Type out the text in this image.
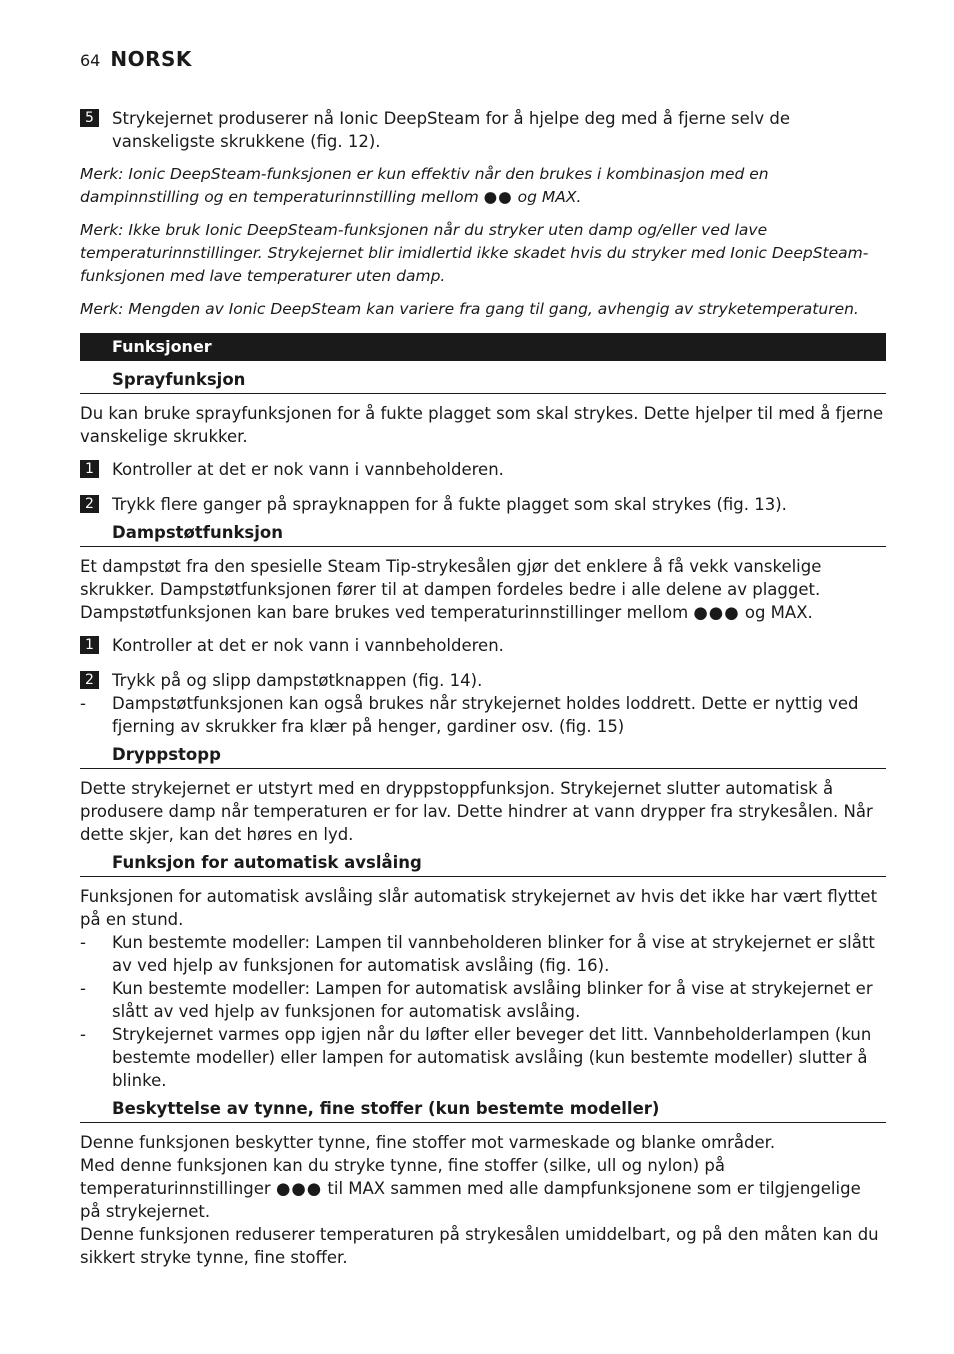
64 NORSK
5	Strykejernet produserer nå Ionic DeepSteam for å hjelpe deg med å fjerne selv de vanskeligste skrukkene (fig. 12).

Merk: Ionic DeepSteam-funksjonen er kun effektiv når den brukes i kombinasjon med en dampinnstilling og en temperaturinnstilling mellom ●● og MAX.

Merk: Ikke bruk Ionic DeepSteam-funksjonen når du stryker uten damp og/eller ved lave temperaturinnstillinger. Strykejernet blir imidlertid ikke skadet hvis du stryker med Ionic DeepSteam-funksjonen med lave temperaturer uten damp.

Merk: Mengden av Ionic DeepSteam kan variere fra gang til gang, avhengig av stryketemperaturen.

Funksjoner
Sprayfunksjon

Du kan bruke sprayfunksjonen for å fukte plagget som skal strykes. Dette hjelper til med å fjerne vanskelige skrukker.

1	Kontroller at det er nok vann i vannbeholderen.
2	Trykk flere ganger på sprayknappen for å fukte plagget som skal strykes (fig. 13).
Dampstøtfunksjon

Et dampstøt fra den spesielle Steam Tip-strykesålen gjør det enklere å få vekk vanskelige skrukker. Dampstøtfunksjonen fører til at dampen fordeles bedre i alle delene av plagget. Dampstøtfunksjonen kan bare brukes ved temperaturinnstillinger mellom ●●● og MAX.

1	Kontroller at det er nok vann i vannbeholderen.
2	Trykk på og slipp dampstøtknappen (fig. 14).
-	Dampstøtfunksjonen kan også brukes når strykejernet holdes loddrett. Dette er nyttig ved fjerning av skrukker fra klær på henger, gardiner osv. (fig. 15)
Dryppstopp

Dette strykejernet er utstyrt med en dryppstoppfunksjon. Strykejernet slutter automatisk å produsere damp når temperaturen er for lav. Dette hindrer at vann drypper fra strykesålen. Når dette skjer, kan det høres en lyd.

Funksjon for automatisk avslåing

Funksjonen for automatisk avslåing slår automatisk strykejernet av hvis det ikke har vært flyttet på en stund.

-	Kun bestemte modeller: Lampen til vannbeholderen blinker for å vise at strykejernet er slått av ved hjelp av funksjonen for automatisk avslåing (fig. 16).
-	Kun bestemte modeller: Lampen for automatisk avslåing blinker for å vise at strykejernet er slått av ved hjelp av funksjonen for automatisk avslåing.
-	Strykejernet varmes opp igjen når du løfter eller beveger det litt. Vannbeholderlampen (kun bestemte modeller) eller lampen for automatisk avslåing (kun bestemte modeller) slutter å blinke.
Beskyttelse av tynne, fine stoffer (kun bestemte modeller)

Denne funksjonen beskytter tynne, fine stoffer mot varmeskade og blanke områder.

Med denne funksjonen kan du stryke tynne, fine stoffer (silke, ull og nylon) på temperaturinnstillinger ●●● til MAX sammen med alle dampfunksjonene som er tilgjengelige på strykejernet.

Denne funksjonen reduserer temperaturen på strykesålen umiddelbart, og på den måten kan du sikkert stryke tynne, fine stoffer.
